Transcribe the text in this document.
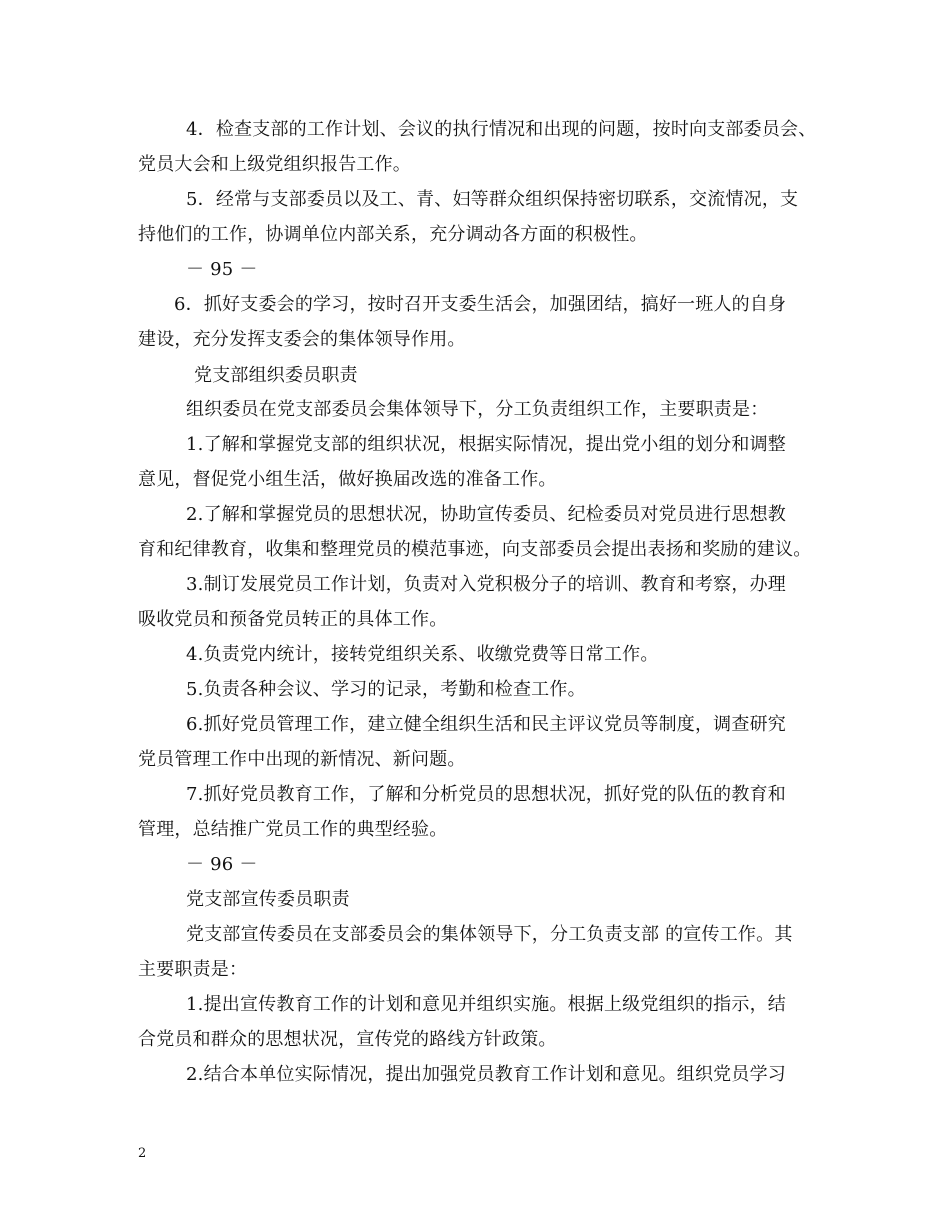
4．检查支部的工作计划、会议的执行情况和出现的问题，按时向支部委员会、
党员大会和上级党组织报告工作。
5．经常与支部委员以及工、青、妇等群众组织保持密切联系，交流情况，支
持他们的工作，协调单位内部关系，充分调动各方面的积极性。
－ 95 －
6．抓好支委会的学习，按时召开支委生活会，加强团结，搞好一班人的自身
建设，充分发挥支委会的集体领导作用。
党支部组织委员职责
组织委员在党支部委员会集体领导下，分工负责组织工作，主要职责是：
1.了解和掌握党支部的组织状况，根据实际情况，提出党小组的划分和调整
意见，督促党小组生活，做好换届改选的准备工作。
2.了解和掌握党员的思想状况，协助宣传委员、纪检委员对党员进行思想教
育和纪律教育，收集和整理党员的模范事迹，向支部委员会提出表扬和奖励的建议。
3.制订发展党员工作计划，负责对入党积极分子的培训、教育和考察，办理
吸收党员和预备党员转正的具体工作。
4.负责党内统计，接转党组织关系、收缴党费等日常工作。
5.负责各种会议、学习的记录，考勤和检查工作。
6.抓好党员管理工作，建立健全组织生活和民主评议党员等制度，调查研究
党员管理工作中出现的新情况、新问题。
7.抓好党员教育工作，了解和分析党员的思想状况，抓好党的队伍的教育和
管理，总结推广党员工作的典型经验。
－ 96 －
党支部宣传委员职责
党支部宣传委员在支部委员会的集体领导下，分工负责支部 的宣传工作。其
主要职责是：
1.提出宣传教育工作的计划和意见并组织实施。根据上级党组织的指示，结
合党员和群众的思想状况，宣传党的路线方针政策。
2.结合本单位实际情况，提出加强党员教育工作计划和意见。组织党员学习
2
